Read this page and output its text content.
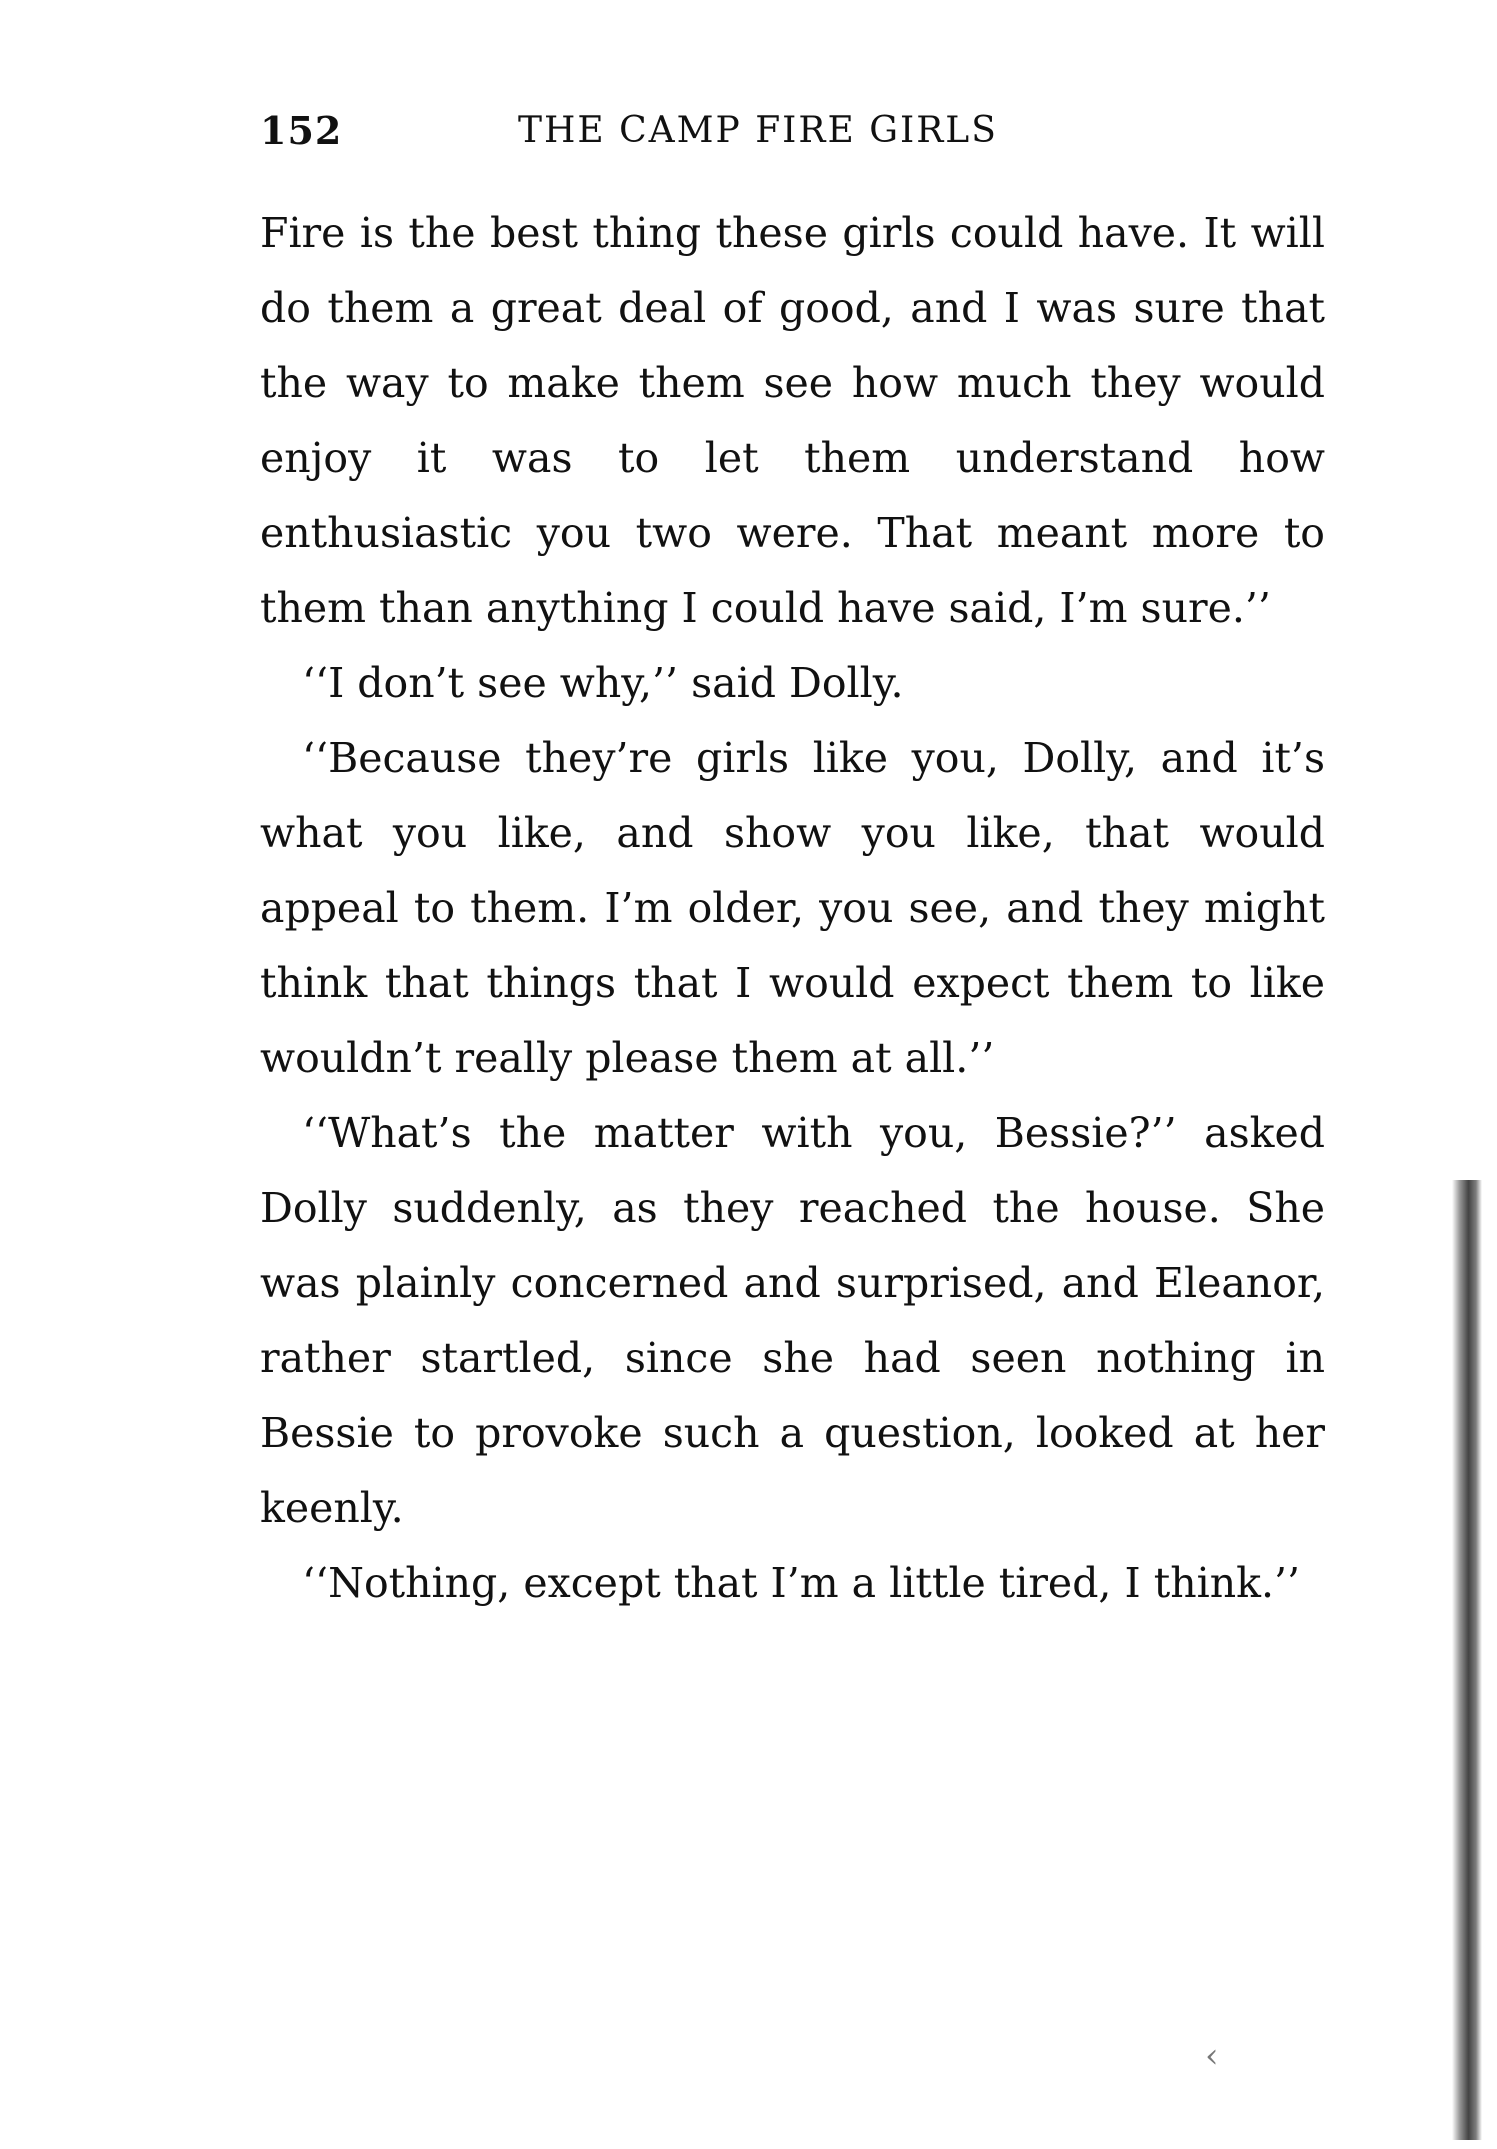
152	THE CAMP FIRE GIRLS

Fire is the best thing these girls could have. It will do them a great deal of good, and I was sure that the way to make them see how much they would enjoy it was to let them understand how enthusiastic you two were. That meant more to them than anything I could have said, I’m sure.’’

‘‘I don’t see why,’’ said Dolly.

‘‘Because they’re girls like you, Dolly, and it’s what you like, and show you like, that would appeal to them. I’m older, you see, and they might think that things that I would expect them to like wouldn’t really please them at all.’’

‘‘What’s the matter with you, Bessie?’’ asked Dolly suddenly, as they reached the house. She was plainly concerned and surprised, and Eleanor, rather startled, since she had seen nothing in Bessie to provoke such a question, looked at her keenly.

‘‘Nothing, except that I’m a little tired, I think.’’

‹
